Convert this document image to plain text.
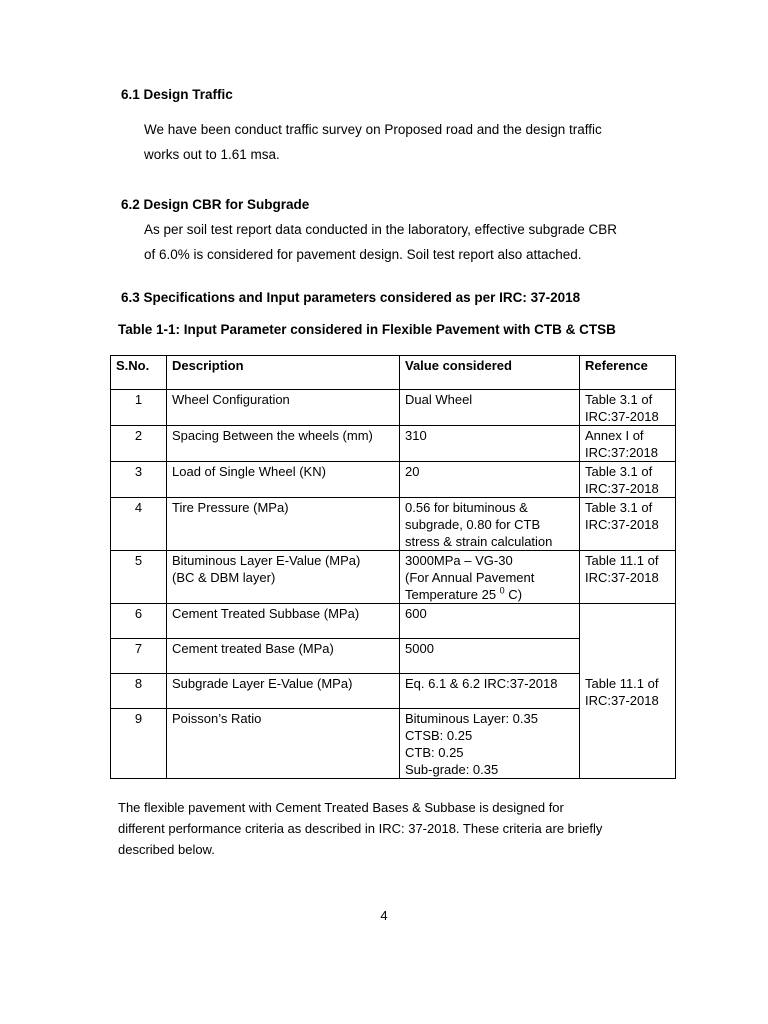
6.1 Design Traffic

We have been conduct traffic survey on Proposed road and the design traffic
works out to 1.61 msa.

6.2 Design CBR for Subgrade

As per soil test report data conducted in the laboratory, effective subgrade CBR
of 6.0% is considered for pavement design. Soil test report also attached.

6.3 Specifications and Input parameters considered as per IRC: 37-2018
Table 1-1: Input Parameter considered in Flexible Pavement with CTB & CTSB
S.No.	Description	Value considered	Reference
1	Wheel Configuration	Dual Wheel	Table 3.1 of
IRC:37-2018

2	Spacing Between the wheels (mm)	310	Annex I of
IRC:37:2018

3	Load of Single Wheel (KN)	20	Table 3.1 of
IRC:37-2018

4	Tire Pressure (MPa)	0.56 for bituminous &
subgrade, 0.80 for CTB
stress & strain calculation	Table 3.1 of
IRC:37-2018

5	Bituminous Layer E-Value (MPa)
(BC & DBM layer)	3000MPa – VG-30
(For Annual Pavement
Temperature 25 $^0$ C)	Table 11.1 of
IRC:37-2018

6	Cement Treated Subbase (MPa)	600	Table 11.1 of
IRC:37-2018

7	Cement treated Base (MPa)	5000	

8	Subgrade Layer E-Value (MPa)	Eq. 6.1 & 6.2 IRC:37-2018	

9	Poisson’s Ratio	Bituminous Layer: 0.35
CTSB: 0.25
CTB: 0.25
Sub-grade: 0.35	

The flexible pavement with Cement Treated Bases & Subbase is designed for
different performance criteria as described in IRC: 37-2018. These criteria are briefly
described below.

4
